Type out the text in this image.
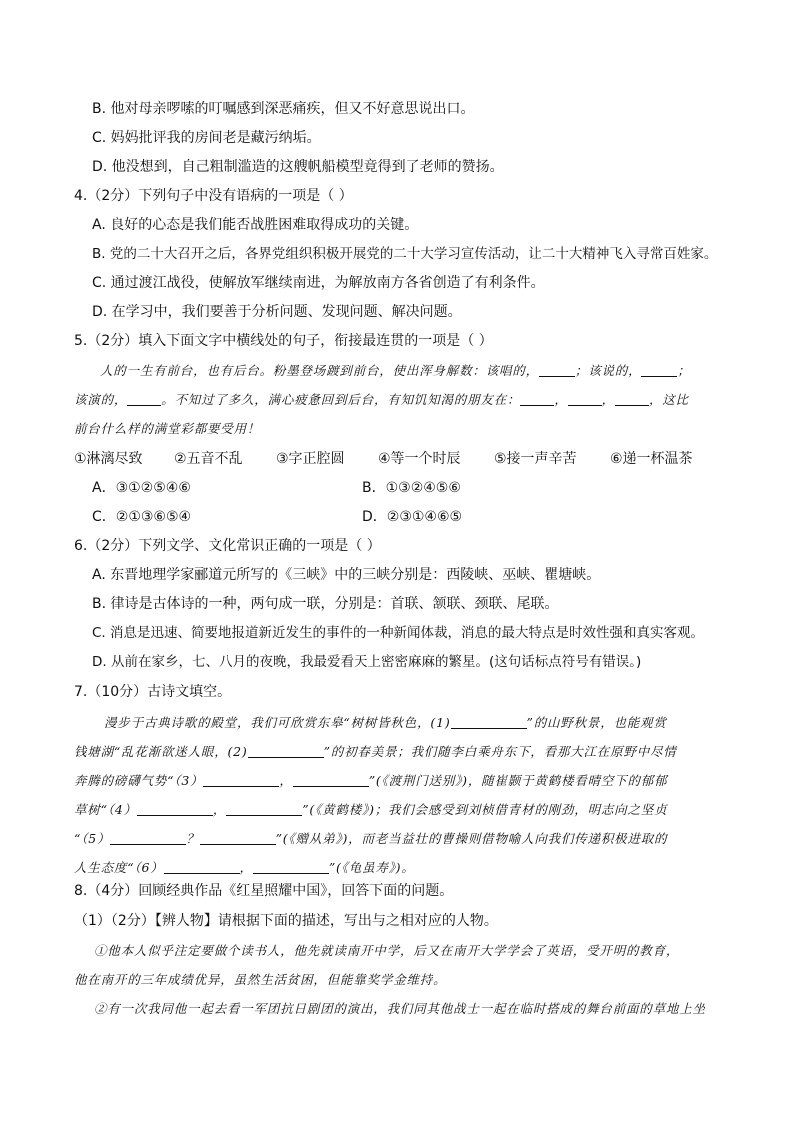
B. 他对母亲啰嗦的叮嘱感到深恶痛疾，但又不好意思说出口。
C. 妈妈批评我的房间老是藏污纳垢。
D. 他没想到，自己粗制滥造的这艘帆船模型竟得到了老师的赞扬。
4.（2分）下列句子中没有语病的一项是（ ）
A. 良好的心态是我们能否战胜困难取得成功的关键。
B. 党的二十大召开之后，各界党组织积极开展党的二十大学习宣传活动，让二十大精神飞入寻常百姓家。
C. 通过渡江战役，使解放军继续南进，为解放南方各省创造了有利条件。
D. 在学习中，我们要善于分析问题、发现问题、解决问题。
5.（2分）填入下面文字中横线处的句子，衔接最连贯的一项是（ ）
人的一生有前台，也有后台。粉墨登场踱到前台，使出浑身解数：该唱的，	；该说的，	；
该演的，	。不知过了多久，满心疲惫回到后台，有知饥知渴的朋友在：	，	，	，这比
前台什么样的满堂彩都要受用！
①淋漓尽致 ②五音不乱 ③字正腔圆 ④等一个时辰 ⑤接一声辛苦 ⑥递一杯温茶
A．③①②⑤④⑥	B．①③②④⑤⑥
C．②①③⑥⑤④	D．②③①④⑥⑤
6.（2分）下列文学、文化常识正确的一项是（ ）
A. 东晋地理学家郦道元所写的《三峡》中的三峡分别是：西陵峡、巫峡、瞿塘峡。
B. 律诗是古体诗的一种，两句成一联，分别是：首联、颔联、颈联、尾联。
C. 消息是迅速、简要地报道新近发生的事件的一种新闻体裁，消息的最大特点是时效性强和真实客观。
D. 从前在家乡，七、八月的夜晚，我最爱看天上密密麻麻的繁星。(这句话标点符号有错误。)
7.（10分）古诗文填空。
漫步于古典诗歌的殿堂，我们可欣赏东皋“树树皆秋色，(1)	”的山野秋景，也能观赏
钱塘湖“乱花渐欲迷人眼，(2)	”的初春美景；我们随李白乘舟东下，看那大江在原野中尽情
奔腾的磅礴气势“（3）	，	”(《渡荆门送别》)，随崔颢于黄鹤楼看晴空下的郁郁
草树“（4）	，	”(《黄鹤楼》)；我们会感受到刘桢借青材的刚劲，明志向之坚贞
“（5）	？	”(《赠从弟》)，而老当益壮的曹操则借物喻人向我们传递积极进取的
人生态度“（6）	，	”(《龟虽寿》)。
8.（4分）回顾经典作品《红星照耀中国》，回答下面的问题。
（1）（2分）【辨人物】请根据下面的描述，写出与之相对应的人物。
①他本人似乎注定要做个读书人，他先就读南开中学，后又在南开大学学会了英语，受开明的教育，
他在南开的三年成绩优异，虽然生活贫困，但能靠奖学金维持。
②有一次我同他一起去看一军团抗日剧团的演出，我们同其他战士一起在临时搭成的舞台前面的草地上坐
